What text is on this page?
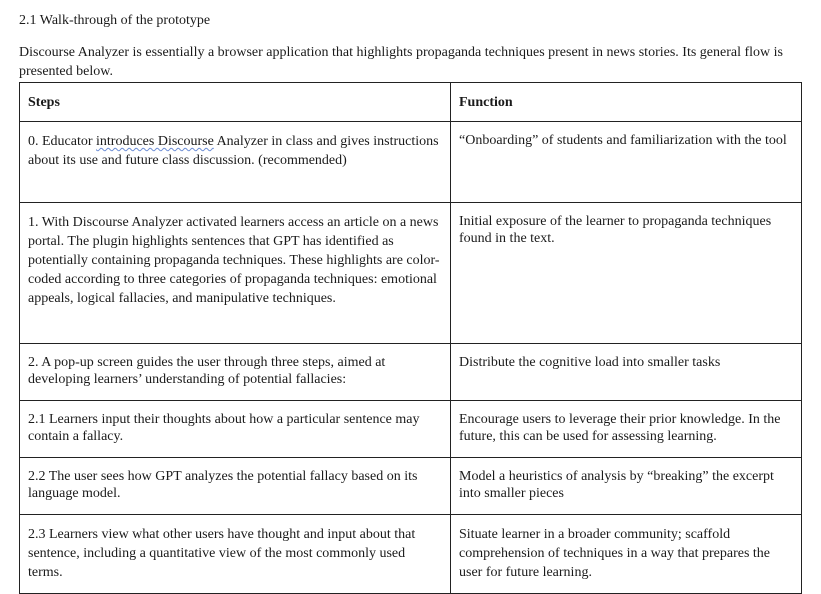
2.1 Walk-through of the prototype
Discourse Analyzer is essentially a browser application that highlights propaganda techniques present in news stories. Its general flow is presented below.
Steps	Function
0. Educator introduces Discourse Analyzer in class and gives instructions about its use and future class discussion. (recommended)	“Onboarding” of students and familiarization with the tool
1. With Discourse Analyzer activated learners access an article on a news portal. The plugin highlights sentences that GPT has identified as potentially containing propaganda techniques. These highlights are color-coded according to three categories of propaganda techniques: emotional appeals, logical fallacies, and manipulative techniques.	Initial exposure of the learner to propaganda techniques found in the text.
2. A pop-up screen guides the user through three steps, aimed at developing learners’ understanding of potential fallacies:	Distribute the cognitive load into smaller tasks
2.1 Learners input their thoughts about how a particular sentence may contain a fallacy.	Encourage users to leverage their prior knowledge. In the future, this can be used for assessing learning.
2.2 The user sees how GPT analyzes the potential fallacy based on its language model.	Model a heuristics of analysis by “breaking” the excerpt into smaller pieces
2.3 Learners view what other users have thought and input about that sentence, including a quantitative view of the most commonly used terms.	Situate learner in a broader community; scaffold comprehension of techniques in a way that prepares the user for future learning.
